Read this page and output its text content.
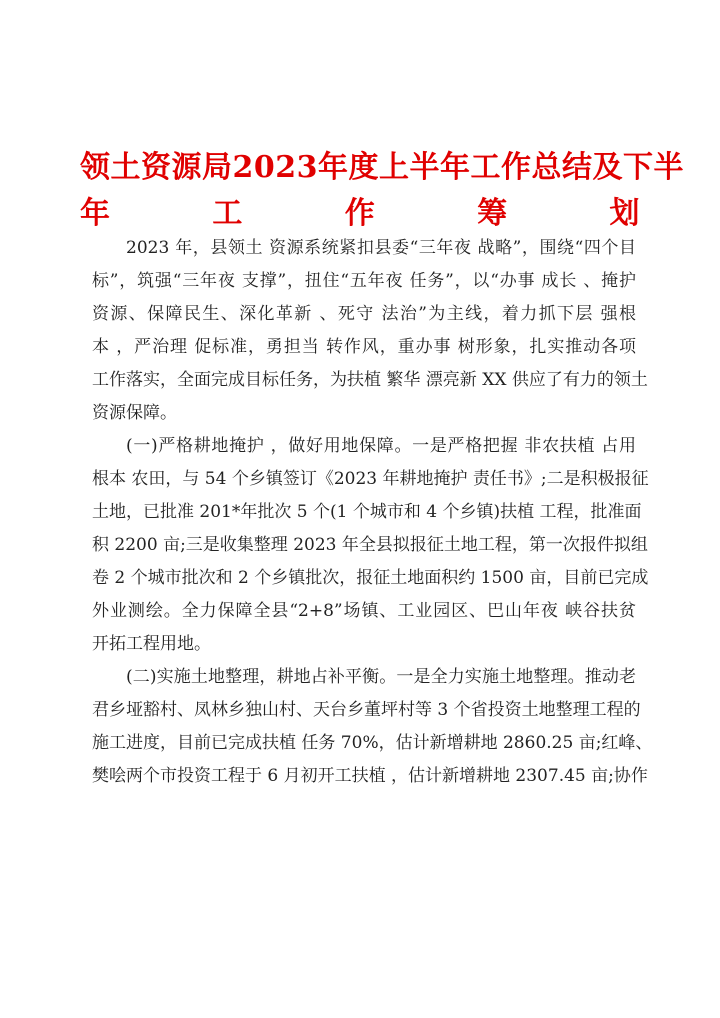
领土资源局2023年度上半年工作总结及下半
年工作筹划
2023 年，县领土 资源系统紧扣县委“三年夜 战略”，围绕“四个目
标”，筑强“三年夜 支撑”，扭住“五年夜 任务”，以“办事 成长 、掩护
资源、保障民生、深化革新 、死守 法治”为主线，着力抓下层 强根
本 ，严治理 促标准，勇担当 转作风，重办事 树形象，扎实推动各项
工作落实，全面完成目标任务，为扶植 繁华 漂亮新 XX 供应了有力的领土
资源保障。
(一)严格耕地掩护 ，做好用地保障。一是严格把握 非农扶植 占用
根本 农田，与 54 个乡镇签订《2023 年耕地掩护 责任书》;二是积极报征
土地，已批准 201*年批次 5 个(1 个城市和 4 个乡镇)扶植 工程，批准面
积 2200 亩;三是收集整理 2023 年全县拟报征土地工程，第一次报件拟组
卷 2 个城市批次和 2 个乡镇批次，报征土地面积约 1500 亩，目前已完成
外业测绘。全力保障全县“2+8”场镇、工业园区、巴山年夜 峡谷扶贫
开拓工程用地。
(二)实施土地整理，耕地占补平衡。一是全力实施土地整理。推动老
君乡垭豁村、凤林乡独山村、天台乡董坪村等 3 个省投资土地整理工程的
施工进度，目前已完成扶植 任务 70%，估计新增耕地 2860.25 亩;红峰、
樊哙两个市投资工程于 6 月初开工扶植 ，估计新增耕地 2307.45 亩;协作
